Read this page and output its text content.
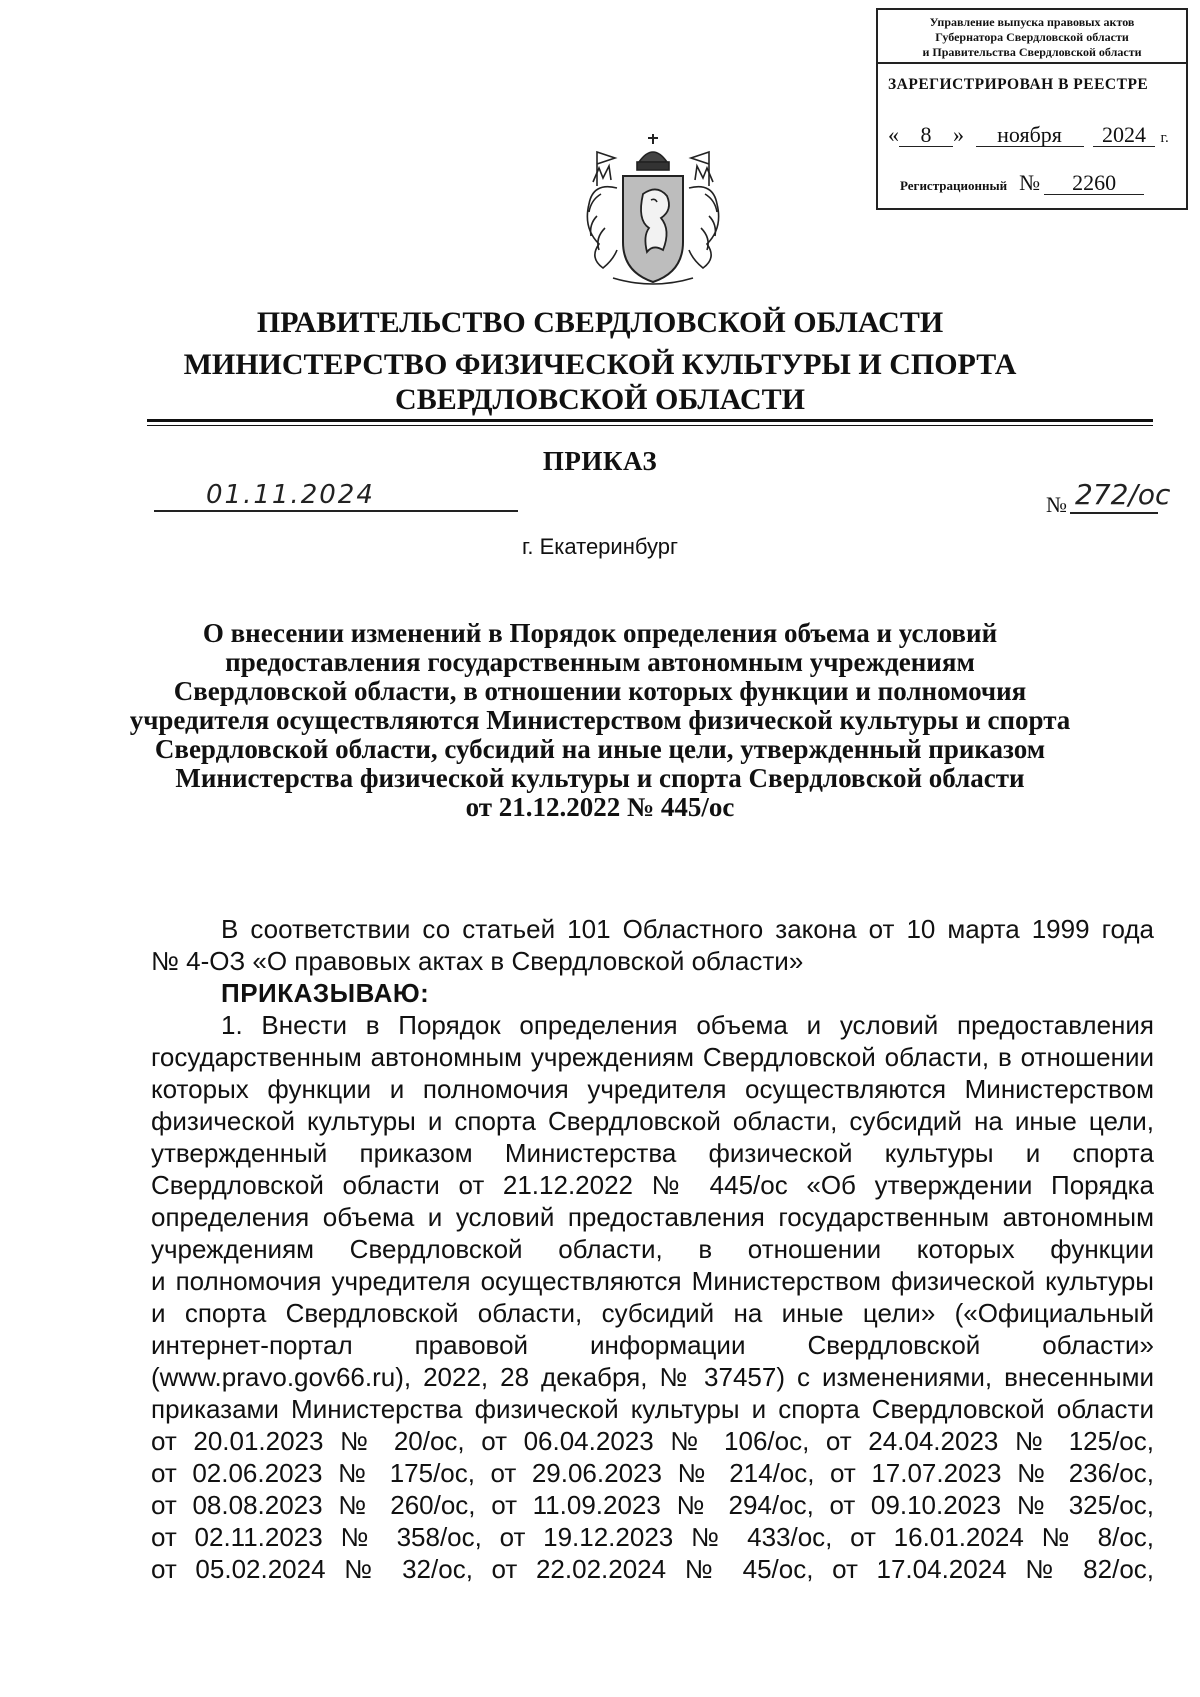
Управление выпуска правовых актов
Губернатора Свердловской области
и Правительства Свердловской области
ЗАРЕГИСТРИРОВАН В РЕЕСТРЕ
« 8 » ноября 2024 г.
Регистрационный № 2260
ПРАВИТЕЛЬСТВО СВЕРДЛОВСКОЙ ОБЛАСТИ
МИНИСТЕРСТВО ФИЗИЧЕСКОЙ КУЛЬТУРЫ И СПОРТА
СВЕРДЛОВСКОЙ ОБЛАСТИ
ПРИКАЗ
01.11.2024	№ 272/ос
г. Екатеринбург
О внесении изменений в Порядок определения объема и условий
предоставления государственным автономным учреждениям
Свердловской области, в отношении которых функции и полномочия
учредителя осуществляются Министерством физической культуры и спорта
Свердловской области, субсидий на иные цели, утвержденный приказом
Министерства физической культуры и спорта Свердловской области
от 21.12.2022 № 445/ос

В соответствии со статьей 101 Областного закона от 10 марта 1999 года

№ 4-ОЗ «О правовых актах в Свердловской области»

ПРИКАЗЫВАЮ:

1. Внести в Порядок определения объема и условий предоставления

государственным автономным учреждениям Свердловской области, в отношении

которых функции и полномочия учредителя осуществляются Министерством

физической культуры и спорта Свердловской области, субсидий на иные цели,

утвержденный приказом Министерства физической культуры и спорта

Свердловской области от 21.12.2022 № 445/ос «Об утверждении Порядка

определения объема и условий предоставления государственным автономным

учреждениям Свердловской области, в отношении которых функции

и полномочия учредителя осуществляются Министерством физической культуры

и спорта Свердловской области, субсидий на иные цели» («Официальный

интернет-портал правовой информации Свердловской области»

(www.pravo.gov66.ru), 2022, 28 декабря, № 37457) с изменениями, внесенными

приказами Министерства физической культуры и спорта Свердловской области

от 20.01.2023 № 20/ос, от 06.04.2023 № 106/ос, от 24.04.2023 № 125/ос,

от 02.06.2023 № 175/ос, от 29.06.2023 № 214/ос, от 17.07.2023 № 236/ос,

от 08.08.2023 № 260/ос, от 11.09.2023 № 294/ос, от 09.10.2023 № 325/ос,

от 02.11.2023 № 358/ос, от 19.12.2023 № 433/ос, от 16.01.2024 № 8/ос,

от 05.02.2024 № 32/ос, от 22.02.2024 № 45/ос, от 17.04.2024 № 82/ос,
